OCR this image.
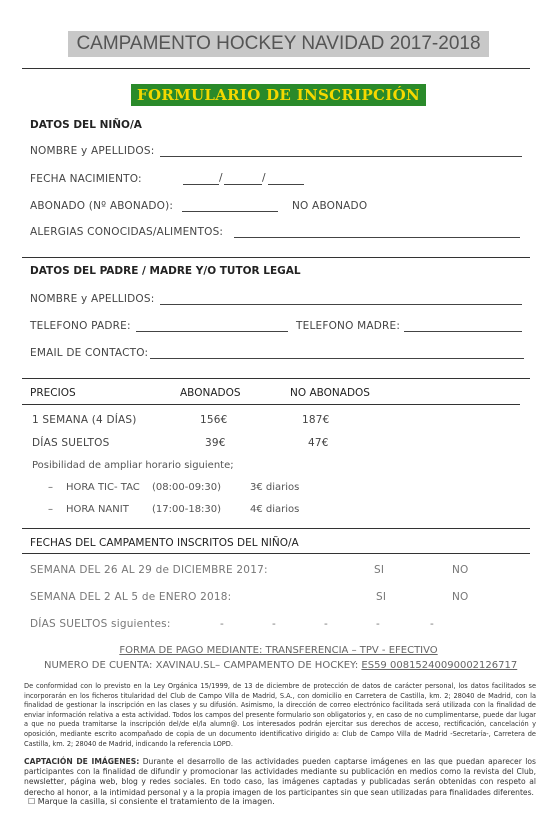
CAMPAMENTO HOCKEY NAVIDAD 2017-2018
FORMULARIO DE INSCRIPCIÓN
DATOS DEL NIÑO/A
NOMBRE y APELLIDOS:
FECHA NACIMIENTO:	/	/
ABONADO (Nº ABONADO):	NO ABONADO
ALERGIAS CONOCIDAS/ALIMENTOS:
DATOS DEL PADRE / MADRE Y/O TUTOR LEGAL
NOMBRE y APELLIDOS:
TELEFONO PADRE:	TELEFONO MADRE:
EMAIL DE CONTACTO:
PRECIOS	ABONADOS	NO ABONADOS
1 SEMANA (4 DÍAS)	156€	187€
DÍAS SUELTOS	39€	47€
Posibilidad de ampliar horario siguiente;
– HORA TIC- TAC (08:00-09:30)	3€ diarios
– HORA NANIT (17:00-18:30)	4€ diarios
FECHAS DEL CAMPAMENTO INSCRITOS DEL NIÑO/A
SEMANA DEL 26 AL 29 de DICIEMBRE 2017:	SI	NO
SEMANA DEL 2 AL 5 de ENERO 2018:	SI	NO
DÍAS SUELTOS siguientes:	-	-	-	-	-
FORMA DE PAGO MEDIANTE: TRANSFERENCIA – TPV - EFECTIVO
NUMERO DE CUENTA: XAVINAU.SL– CAMPAMENTO DE HOCKEY: ES59 00815240090002126717
De conformidad con lo previsto en la Ley Orgánica 15/1999, de 13 de diciembre de protección de datos de carácter personal, los datos facilitados se incorporarán en los ficheros titularidad del Club de Campo Villa de Madrid, S.A., con domicilio en Carretera de Castilla, km. 2; 28040 de Madrid, con la finalidad de gestionar la inscripción en las clases y su difusión. Asimismo, la dirección de correo electrónico facilitada será utilizada con la finalidad de enviar información relativa a esta actividad. Todos los campos del presente formulario son obligatorios y, en caso de no cumplimentarse, puede dar lugar a que no pueda tramitarse la inscripción del/de el/la alumn@. Los interesados podrán ejercitar sus derechos de acceso, rectificación, cancelación y oposición, mediante escrito acompañado de copia de un documento identificativo dirigido a: Club de Campo Villa de Madrid -Secretaría-, Carretera de Castilla, km. 2; 28040 de Madrid, indicando la referencia LOPD.
CAPTACIÓN DE IMÁGENES: Durante el desarrollo de las actividades pueden captarse imágenes en las que puedan aparecer los participantes con la finalidad de difundir y promocionar las actividades mediante su publicación en medios como la revista del Club, newsletter, página web, blog y redes sociales. En todo caso, las imágenes captadas y publicadas serán obtenidas con respeto al derecho al honor, a la intimidad personal y a la propia imagen de los participantes sin que sean utilizadas para finalidades diferentes.
☐ Marque la casilla, si consiente el tratamiento de la imagen.
